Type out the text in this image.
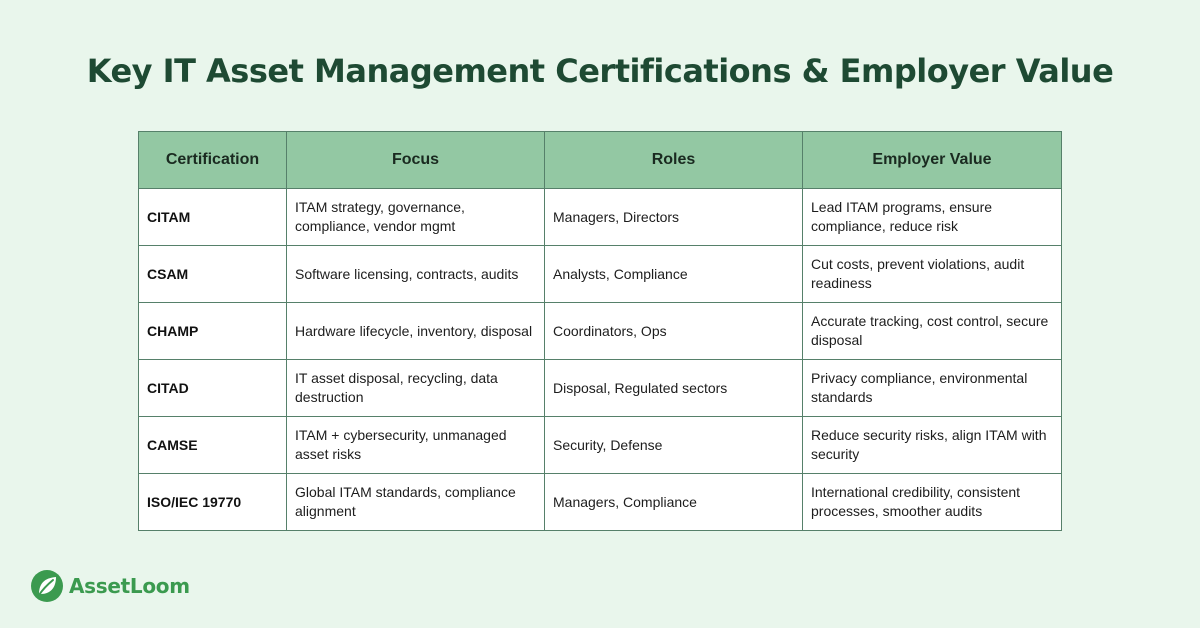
Key IT Asset Management Certifications & Employer Value
Certification	Focus	Roles	Employer Value
CITAM	ITAM strategy, governance, compliance, vendor mgmt	Managers, Directors	Lead ITAM programs, ensure compliance, reduce risk
CSAM	Software licensing, contracts, audits	Analysts, Compliance	Cut costs, prevent violations, audit readiness
CHAMP	Hardware lifecycle, inventory, disposal	Coordinators, Ops	Accurate tracking, cost control, secure disposal
CITAD	IT asset disposal, recycling, data destruction	Disposal, Regulated sectors	Privacy compliance, environmental standards
CAMSE	ITAM + cybersecurity, unmanaged asset risks	Security, Defense	Reduce security risks, align ITAM with security
ISO/IEC 19770	Global ITAM standards, compliance alignment	Managers, Compliance	International credibility, consistent processes, smoother audits
AssetLoom
